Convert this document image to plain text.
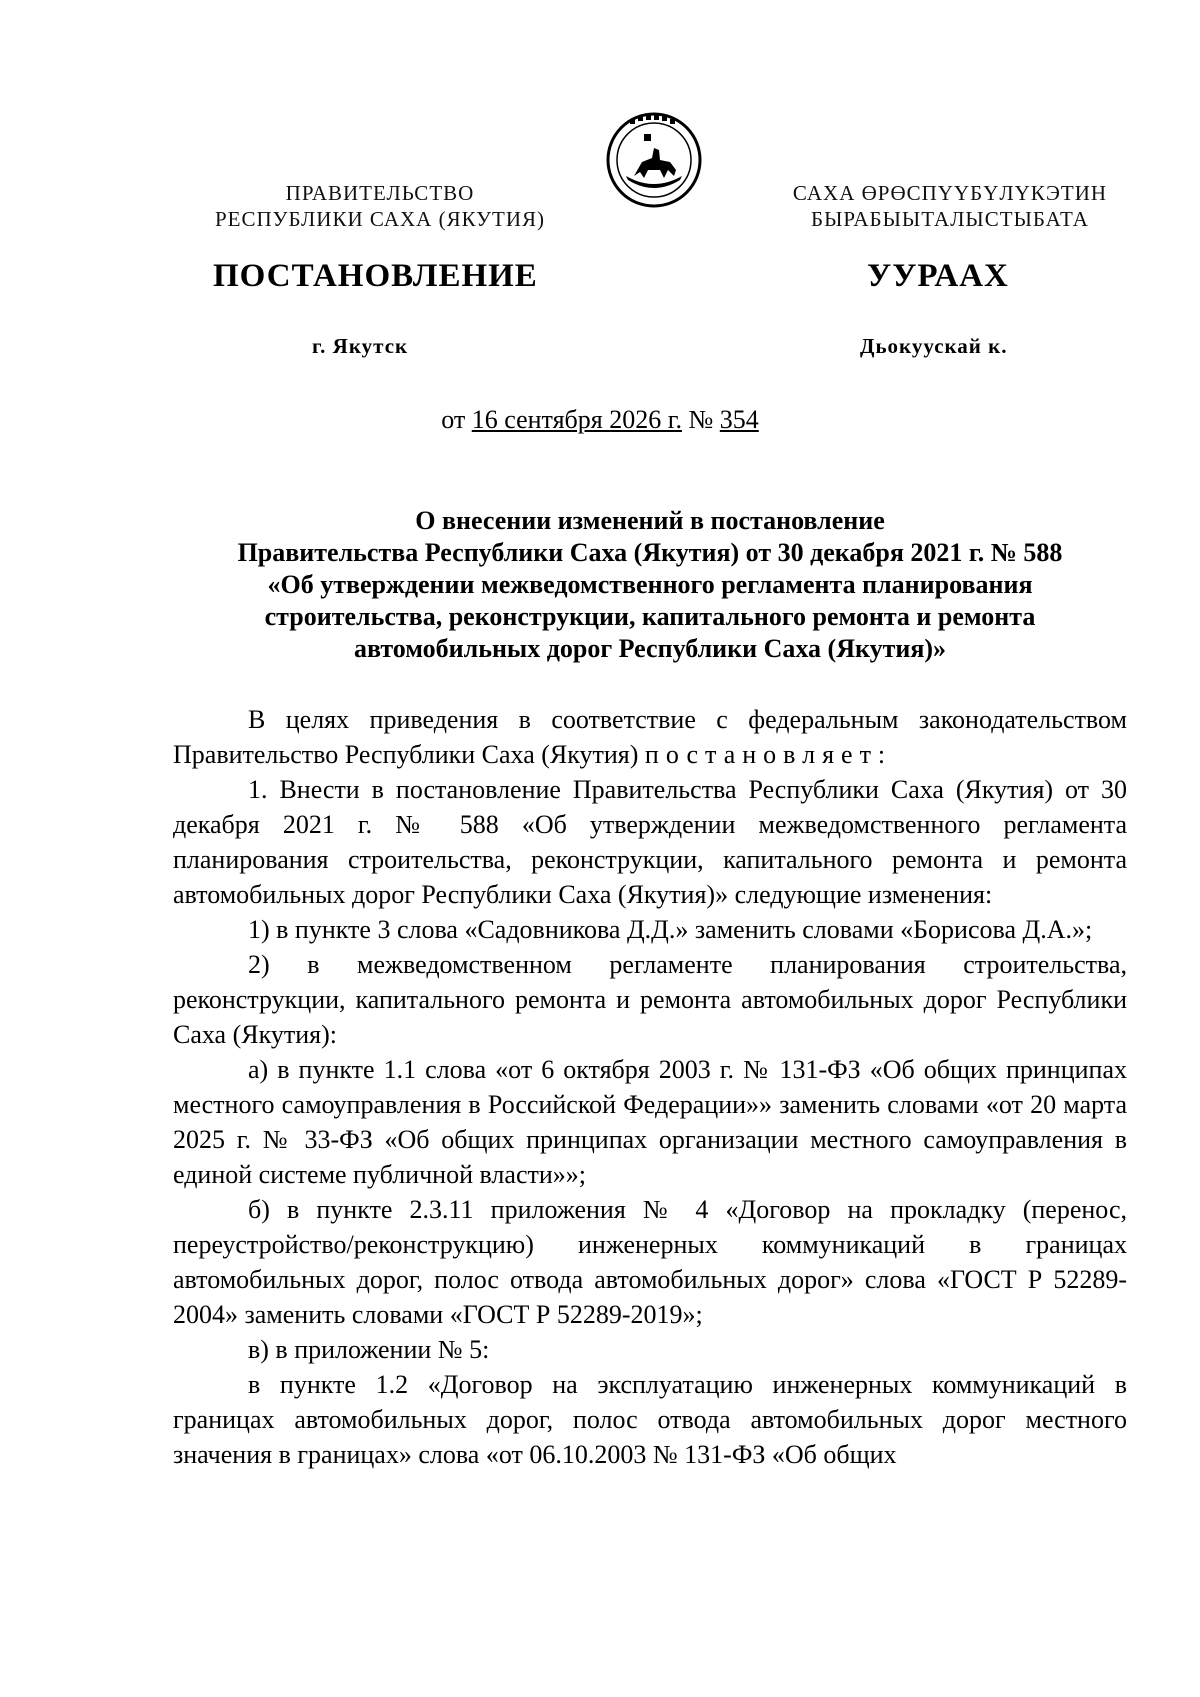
ПРАВИТЕЛЬСТВО
РЕСПУБЛИКИ САХА (ЯКУТИЯ)
САХА ӨРӨСПҮҮБҮЛҮКЭТИН
БЫРАБЫЫТАЛЫСТЫБАТА
ПОСТАНОВЛЕНИЕ	УУРААХ
г. Якутск	Дьокуускай к.
от 16 сентября 2026 г. № 354
О внесении изменений в постановление
Правительства Республики Саха (Якутия) от 30 декабря 2021 г. № 588
«Об утверждении межведомственного регламента планирования
строительства, реконструкции, капитального ремонта и ремонта
автомобильных дорог Республики Саха (Якутия)»

В целях приведения в соответствие с федеральным законодательством Правительство Республики Саха (Якутия) постановляет:

1. Внести в постановление Правительства Республики Саха (Якутия) от 30 декабря 2021 г. № 588 «Об утверждении межведомственного регламента планирования строительства, реконструкции, капитального ремонта и ремонта автомобильных дорог Республики Саха (Якутия)» следующие изменения:

1) в пункте 3 слова «Садовникова Д.Д.» заменить словами «Борисова Д.А.»;

2) в межведомственном регламенте планирования строительства, реконструкции, капитального ремонта и ремонта автомобильных дорог Республики Саха (Якутия):

а) в пункте 1.1 слова «от 6 октября 2003 г. № 131-ФЗ «Об общих принципах местного самоуправления в Российской Федерации»» заменить словами «от 20 марта 2025 г. № 33-ФЗ «Об общих принципах организации местного самоуправления в единой системе публичной власти»»;

б) в пункте 2.3.11 приложения № 4 «Договор на прокладку (перенос, переустройство/реконструкцию) инженерных коммуникаций в границах автомобильных дорог, полос отвода автомобильных дорог» слова «ГОСТ Р 52289-2004» заменить словами «ГОСТ Р 52289-2019»;

в) в приложении № 5:

в пункте 1.2 «Договор на эксплуатацию инженерных коммуникаций в границах автомобильных дорог, полос отвода автомобильных дорог местного значения в границах» слова «от 06.10.2003 № 131-ФЗ «Об общих
